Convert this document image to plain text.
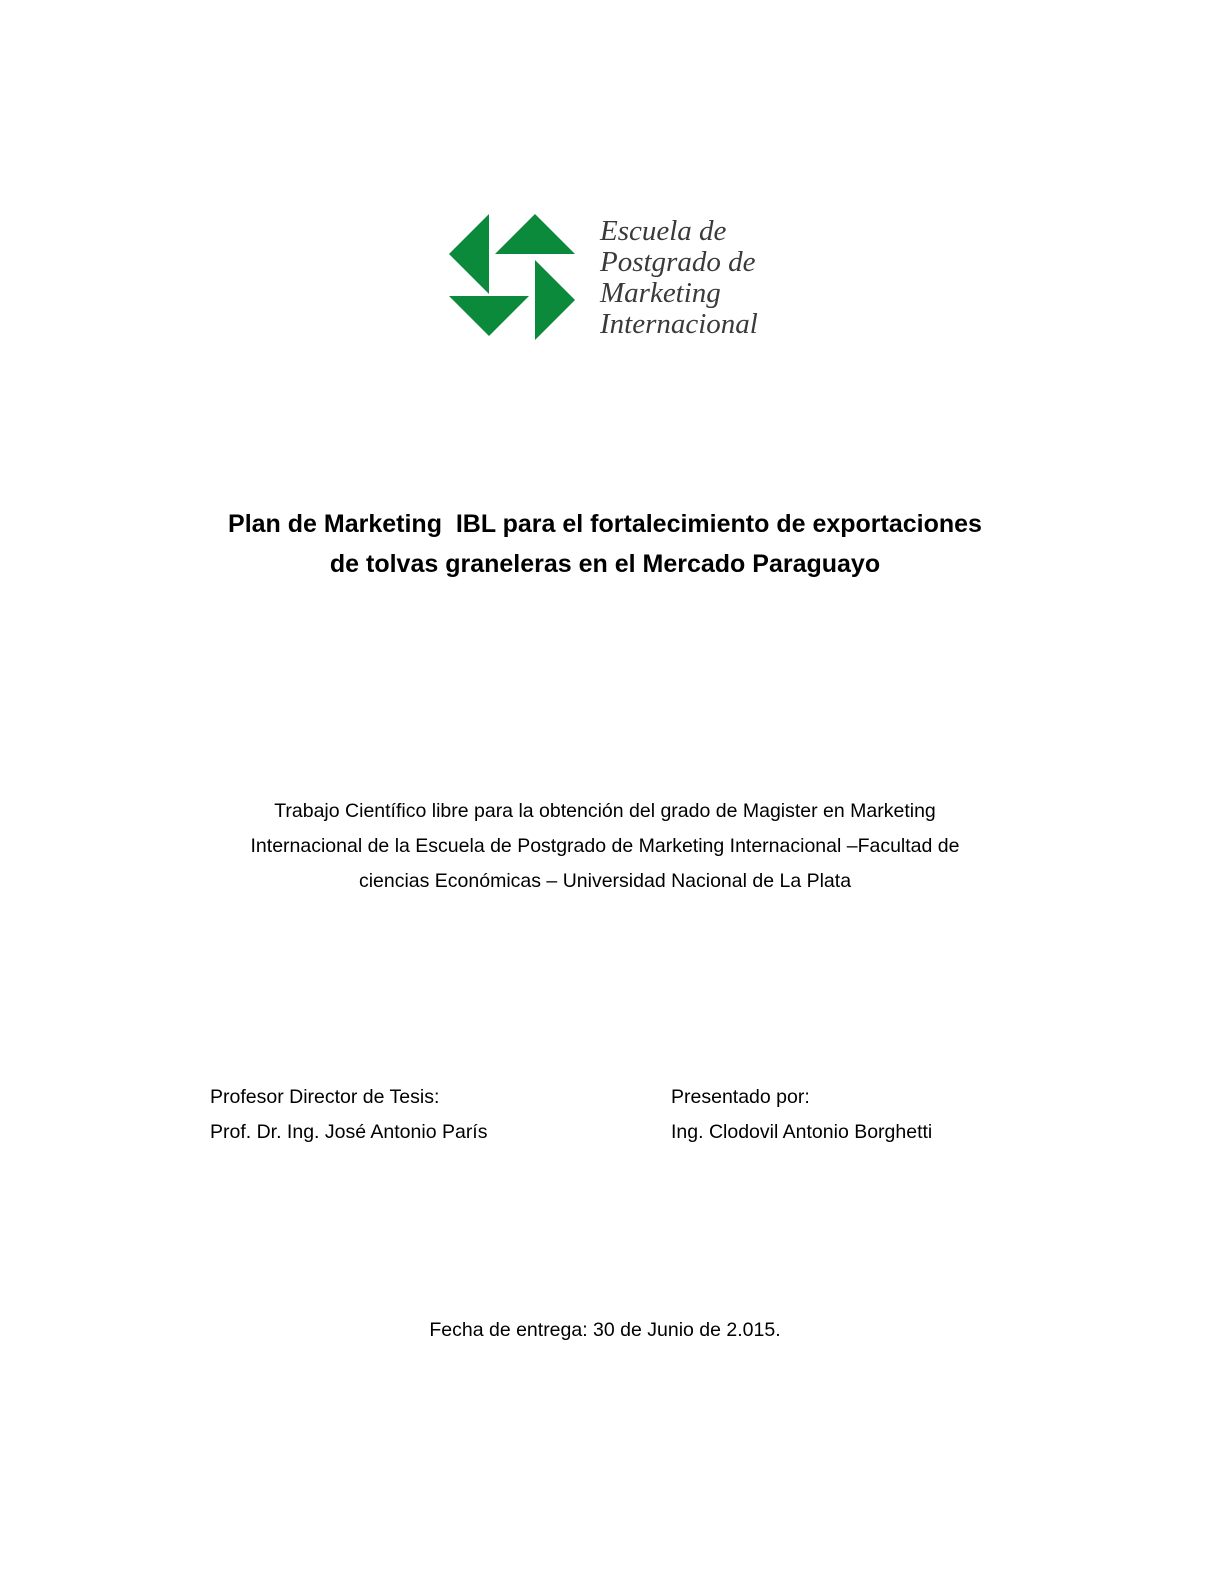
Escuela de
Postgrado de
Marketing
Internacional
Plan de Marketing  IBL para el fortalecimiento de exportaciones
de tolvas graneleras en el Mercado Paraguayo
Trabajo Científico libre para la obtención del grado de Magister en Marketing
Internacional de la Escuela de Postgrado de Marketing Internacional –Facultad de
ciencias Económicas – Universidad Nacional de La Plata
Profesor Director de Tesis:
Prof. Dr. Ing. José Antonio París
Presentado por:
Ing. Clodovil Antonio Borghetti
Fecha de entrega: 30 de Junio de 2.015.
